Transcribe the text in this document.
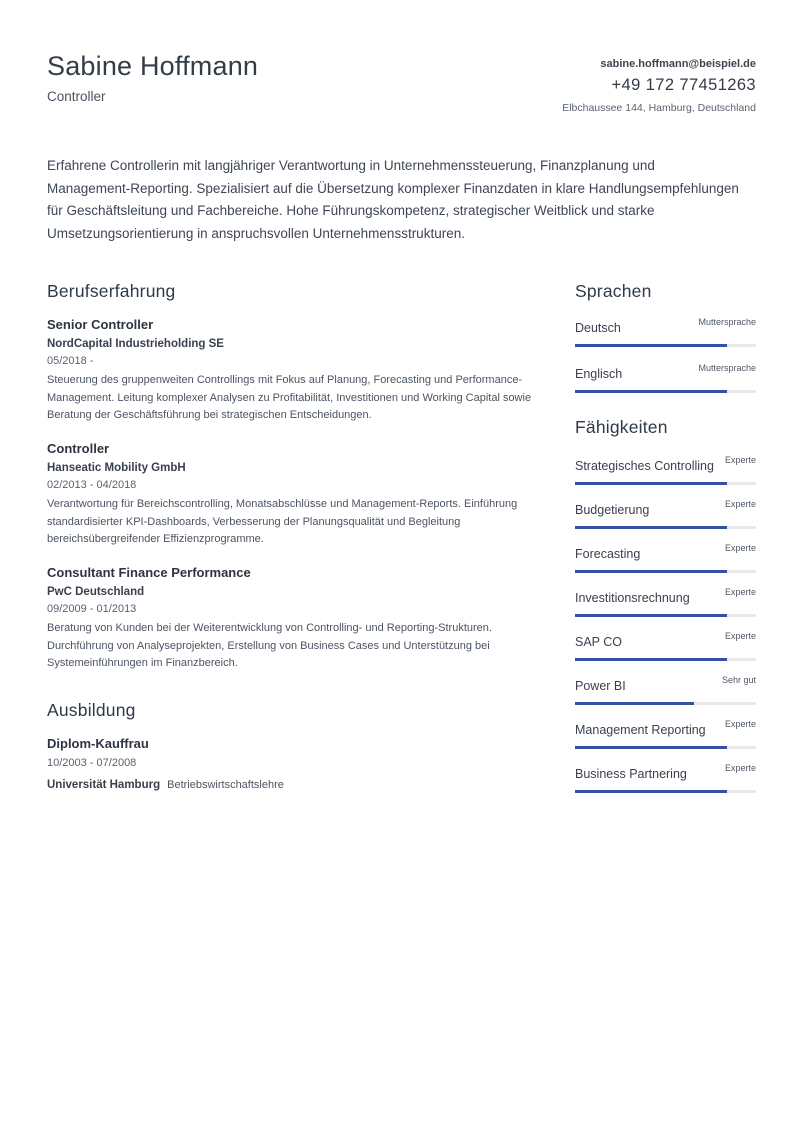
Sabine Hoffmann
Controller
sabine.hoffmann@beispiel.de
+49 172 77451263
Elbchaussee 144, Hamburg, Deutschland

Erfahrene Controllerin mit langjähriger Verantwortung in Unternehmenssteuerung, Finanzplanung und Management-Reporting. Spezialisiert auf die Übersetzung komplexer Finanzdaten in klare Handlungsempfehlungen für Geschäftsleitung und Fachbereiche. Hohe Führungskompetenz, strategischer Weitblick und starke Umsetzungsorientierung in anspruchsvollen Unternehmensstrukturen.

Berufserfahrung
Senior Controller
NordCapital Industrieholding SE
05/2018 -
Steuerung des gruppenweiten Controllings mit Fokus auf Planung, Forecasting und Performance-Management. Leitung komplexer Analysen zu Profitabilität, Investitionen und Working Capital sowie Beratung der Geschäftsführung bei strategischen Entscheidungen.
Controller
Hanseatic Mobility GmbH
02/2013 - 04/2018
Verantwortung für Bereichscontrolling, Monatsabschlüsse und Management-Reports. Einführung standardisierter KPI-Dashboards, Verbesserung der Planungsqualität und Begleitung bereichsübergreifender Effizienzprogramme.
Consultant Finance Performance
PwC Deutschland
09/2009 - 01/2013
Beratung von Kunden bei der Weiterentwicklung von Controlling- und Reporting-Strukturen. Durchführung von Analyseprojekten, Erstellung von Business Cases und Unterstützung bei Systemeinführungen im Finanzbereich.
Ausbildung
Diplom-Kauffrau
10/2003 - 07/2008
Universität Hamburg Betriebswirtschaftslehre
Sprachen
Deutsch	Muttersprache
Englisch	Muttersprache
Fähigkeiten
Strategisches Controlling Experte
Budgetierung	Experte
Forecasting	Experte
Investitionsrechnung	Experte
SAP CO	Experte
Power BI	Sehr gut
Management Reporting Experte
Business Partnering	Experte
